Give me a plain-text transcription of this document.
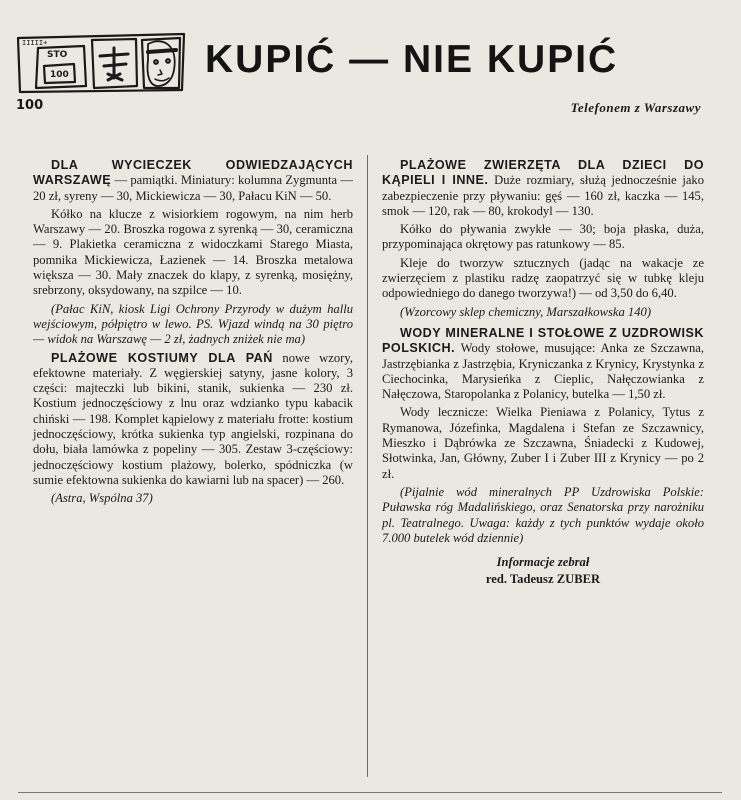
IIIII+
STO
100
100
KUPIĆ — NIE KUPIĆ
Telefonem z Warszawy

DLA WYCIECZEK ODWIEDZAJĄCYCH WARSZAWĘ — pamiątki. Miniatury: kolumna Zygmunta — 20 zł, syreny — 30, Mickiewicza — 30, Pałacu KiN — 50.

Kółko na klucze z wisiorkiem rogowym, na nim herb Warszawy — 20. Broszka rogowa z syrenką — 30, ceramiczna — 9. Plakietka ceramiczna z widoczkami Starego Miasta, pomnika Mickiewicza, Łazienek — 14. Broszka metalowa większa — 30. Mały znaczek do klapy, z syrenką, mosiężny, srebrzony, oksydowany, na szpilce — 10.

(Pałac KiN, kiosk Ligi Ochrony Przyrody w dużym hallu wejściowym, półpiętro w lewo. PS. Wjazd windą na 30 piętro — widok na Warszawę — 2 zł, żadnych zniżek nie ma)

PLAŻOWE KOSTIUMY DLA PAŃ nowe wzory, efektowne materiały. Z węgierskiej satyny, jasne kolory, 3 części: majteczki lub bikini, stanik, sukienka — 230 zł. Kostium jednoczęściowy z lnu oraz wdzianko typu kabacik chiński — 198. Komplet kąpielowy z materiału frotte: kostium jednoczęściowy, krótka sukienka typ angielski, rozpinana do dołu, biała lamówka z popeliny — 305. Zestaw 3-częściowy: jednoczęściowy kostium plażowy, bolerko, spódniczka (w sumie efektowna sukienka do kawiarni lub na spacer) — 260.

(Astra, Wspólna 37)

PLAŻOWE ZWIERZĘTA DLA DZIECI DO KĄPIELI I INNE. Duże rozmiary, służą jednocześnie jako zabezpieczenie przy pływaniu: gęś — 160 zł, kaczka — 145, smok — 120, rak — 80, krokodyl — 130.

Kółko do pływania zwykłe — 30; boja płaska, duża, przypominająca okrętowy pas ratunkowy — 85.

Kleje do tworzyw sztucznych (jadąc na wakacje ze zwierzęciem z plastiku radzę zaopatrzyć się w tubkę kleju odpowiedniego do danego tworzywa!) — od 3,50 do 6,40.

(Wzorcowy sklep chemiczny, Marszałkowska 140)

WODY MINERALNE I STOŁOWE Z UZDROWISK POLSKICH. Wody stołowe, musujące: Anka ze Szczawna, Jastrzębianka z Jastrzębia, Kryniczanka z Krynicy, Krystynka z Ciechocinka, Marysieńka z Cieplic, Nałęczowianka z Nałęczowa, Staropolanka z Polanicy, butelka — 1,50 zł.

Wody lecznicze: Wielka Pieniawa z Polanicy, Tytus z Rymanowa, Józefinka, Magdalena i Stefan ze Szczawnicy, Mieszko i Dąbrówka ze Szczawna, Śniadecki z Kudowej, Słotwinka, Jan, Główny, Zuber I i Zuber III z Krynicy — po 2 zł.

(Pijalnie wód mineralnych PP Uzdrowiska Polskie: Puławska róg Madalińskiego, oraz Senatorska przy narożniku pl. Teatralnego. Uwaga: każdy z tych punktów wydaje około 7.000 butelek wód dziennie)

Informacje zebrał
red. Tadeusz ZUBER
